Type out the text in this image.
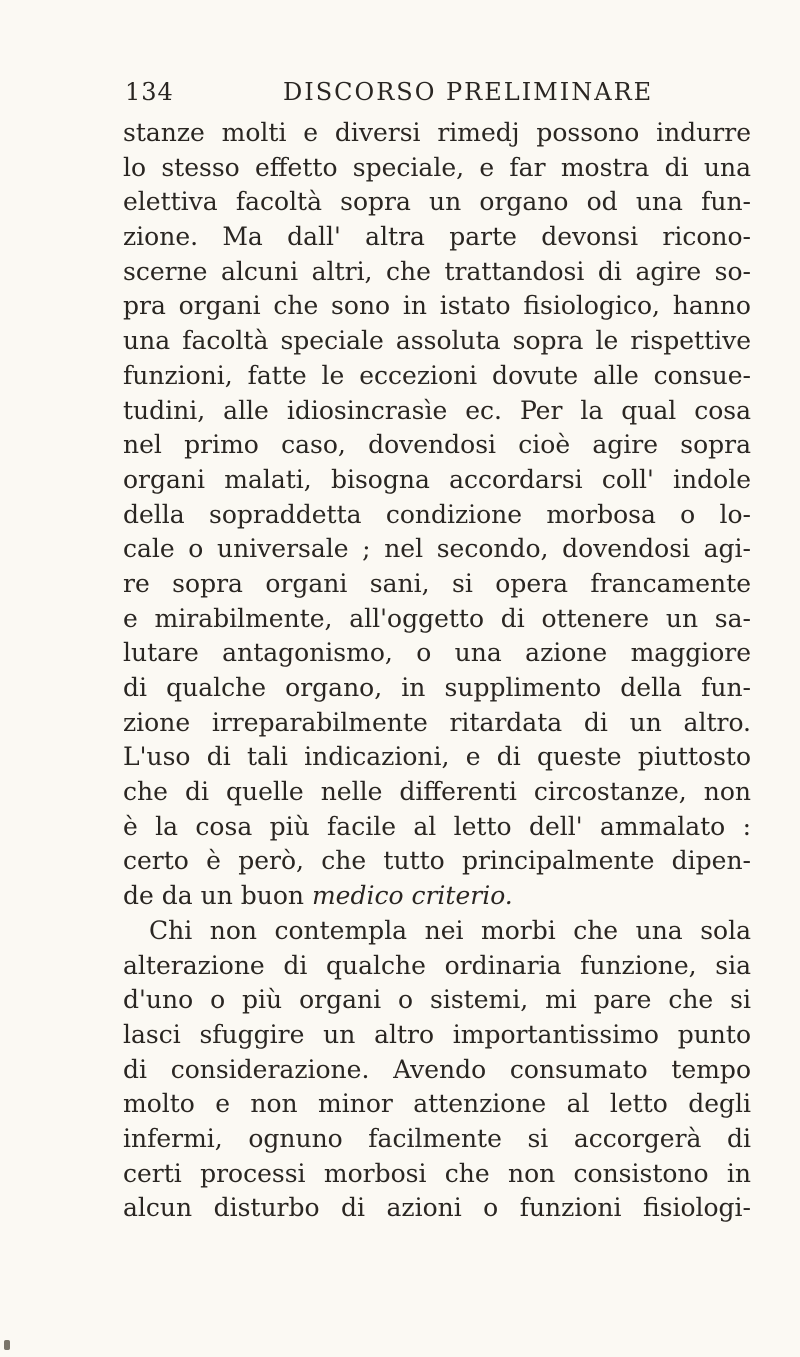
134	DISCORSO PRELIMINARE
stanze molti e diversi rimedj possono indurre
lo stesso effetto speciale, e far mostra di una
elettiva facoltà sopra un organo od una fun-
zione. Ma dall' altra parte devonsi ricono-
scerne alcuni altri, che trattandosi di agire so-
pra organi che sono in istato fisiologico, hanno
una facoltà speciale assoluta sopra le rispettive
funzioni, fatte le eccezioni dovute alle consue-
tudini, alle idiosincrasìe ec. Per la qual cosa
nel primo caso, dovendosi cioè agire sopra
organi malati, bisogna accordarsi coll' indole
della sopraddetta condizione morbosa o lo-
cale o universale ; nel secondo, dovendosi agi-
re sopra organi sani, si opera francamente
e mirabilmente, all'oggetto di ottenere un sa-
lutare antagonismo, o una azione maggiore
di qualche organo, in supplimento della fun-
zione irreparabilmente ritardata di un altro.
L'uso di tali indicazioni, e di queste piuttosto
che di quelle nelle differenti circostanze, non
è la cosa più facile al letto dell' ammalato :
certo è però, che tutto principalmente dipen-
de da un buon medico criterio.
Chi non contempla nei morbi che una sola
alterazione di qualche ordinaria funzione, sia
d'uno o più organi o sistemi, mi pare che si
lasci sfuggire un altro importantissimo punto
di considerazione. Avendo consumato tempo
molto e non minor attenzione al letto degli
infermi, ognuno facilmente si accorgerà di
certi processi morbosi che non consistono in
alcun disturbo di azioni o funzioni fisiologi-
